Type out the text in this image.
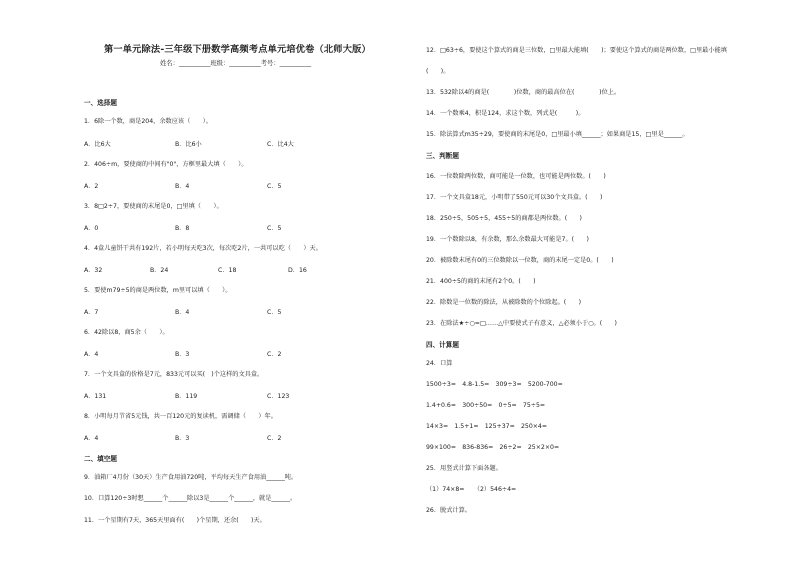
第一单元除法-三年级下册数学高频考点单元培优卷（北师大版）
姓名：__________班级：__________考号：__________
一、选择题
1．6除一个数，商是204，余数应该（　　）。
A．比6大	B．比6小	C．比4大
2．406÷m，要使商的中间有"0"，方框里最大填（　　）。
A．2	B．4	C．5
3．8□2÷7，要使商的末尾是0，□里填（　　）。
A．0	B．8	C．5
4．4盒儿童饼干共有192片，若小明每天吃3次，每次吃2片，一共可以吃（　　）天。
A．32	B．24	C．18	D．16
5．要使m79÷5的商是两位数，m里可以填（　　）。
A．7	B．4	C．5
6．42除以8，商5余（　　）。
A．4	B．3	C．2
7．一个文具盒的价格是7元，833元可以买(　)个这样的文具盒。
A．131	B．119	C．123
8．小明每月节省5元钱，共一百120元的复读机，需调储（　　）年。
A．4	B．3	C．2
二、填空题
9．油箱厂4月份（30天）生产食用油720吨，平均每天生产食用油______吨。
10．口算120÷3时想______个______除以3是______个______，就是______。
11．一个星期有7天，365天里面有(　　)个星期，还余(　　)天。
12．□63÷6，要使这个算式的商是三位数，□里最大能填(　　)；要使这个算式的商是两位数，□里最小能填
(　　)。
13．532除以4的商是(　　　　)位数，商的最高位在(　　　　)位上。
14．一个数乘4，积是124，求这个数，列式是(　　　)。
15．除法算式m35÷29，要使商的末尾是0，□里最小填______；如果商是15，□里是______。
三、判断题
16．一位数除两位数，商可能是一位数，也可能是两位数。(　　)
17．一个文具盒18元，小明带了550元可以30个文具盒。(　　)
18．250÷5，505÷5，455÷5的商都是两位数。(　　)
19．一个数除以8，有余数，那么余数最大可能是7。(　　)
20．被除数末尾有0的三位数除以一位数，商的末尾一定是0。(　　)
21．400÷5的商的末尾有2个0。(　　)
22．除数是一位数的除法，从被除数的个位除起。(　　)
23．在除法★÷○=□……△中要使式子有意义，△必须小于○。(　　)
四、计算题
24．口算
1500÷3=　4.8-1.5=　309÷3=　5200-700=
1.4+0.6=　300÷50=　0÷5=　75÷5=
14×3=　1.5+1=　125+37=　250×4=
99×100=　836-836=　26÷2=　25×2×0=
25．用竖式计算下面各题。
（1）74×8=　　（2）546÷4=
26．脱式计算。
